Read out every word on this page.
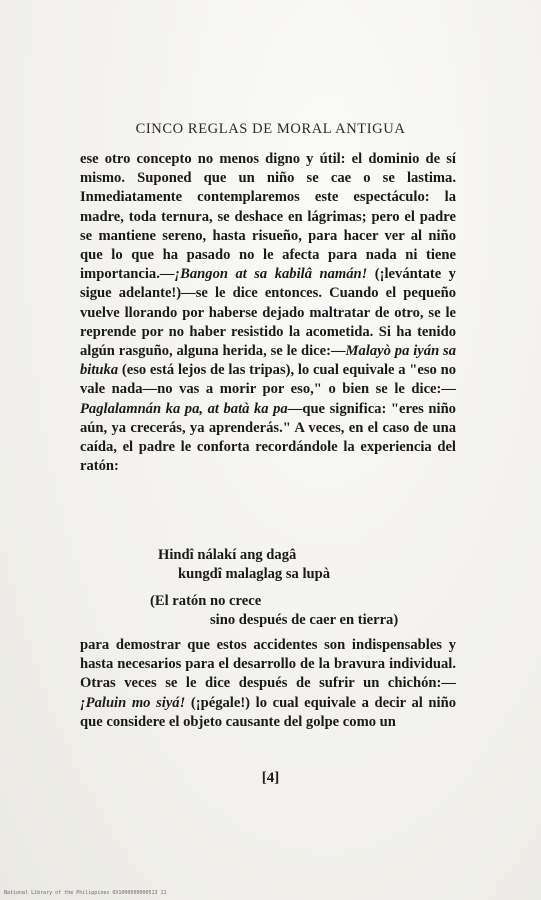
CINCO REGLAS DE MORAL ANTIGUA

ese otro concepto no menos digno y útil: el dominio de sí mismo. Suponed que un niño se cae o se lastima. Inmediatamente contemplaremos este espectáculo: la madre, toda ternura, se deshace en lágrimas; pero el padre se mantiene sereno, hasta risueño, para hacer ver al niño que lo que ha pasado no le afecta para nada ni tiene importancia.—¡Bangon at sa kabilâ namán! (¡levántate y sigue adelante!)—se le dice entonces. Cuando el pequeño vuelve llorando por haberse dejado maltratar de otro, se le reprende por no haber resistido la acometida. Si ha tenido algún rasguño, alguna herida, se le dice:—Malayò pa iyán sa bituka (eso está lejos de las tripas), lo cual equivale a "eso no vale nada—no vas a morir por eso," o bien se le dice:—Paglalamnán ka pa, at batà ka pa—que significa: "eres niño aún, ya crecerás, ya aprenderás." A veces, en el caso de una caída, el padre le conforta recordándole la experiencia del ratón:

Hindî nálakí ang dagâ
kungdî malaglag sa lupà
(El ratón no crece
sino después de caer en tierra)

para demostrar que estos accidentes son indispensables y hasta necesarios para el desarrollo de la bravura individual. Otras veces se le dice después de sufrir un chichón:—¡Paluin mo siyá! (¡pégale!) lo cual equivale a decir al niño que considere el objeto causante del golpe como un

[4]
National Library of the Philippines 0X1000000000513 11
